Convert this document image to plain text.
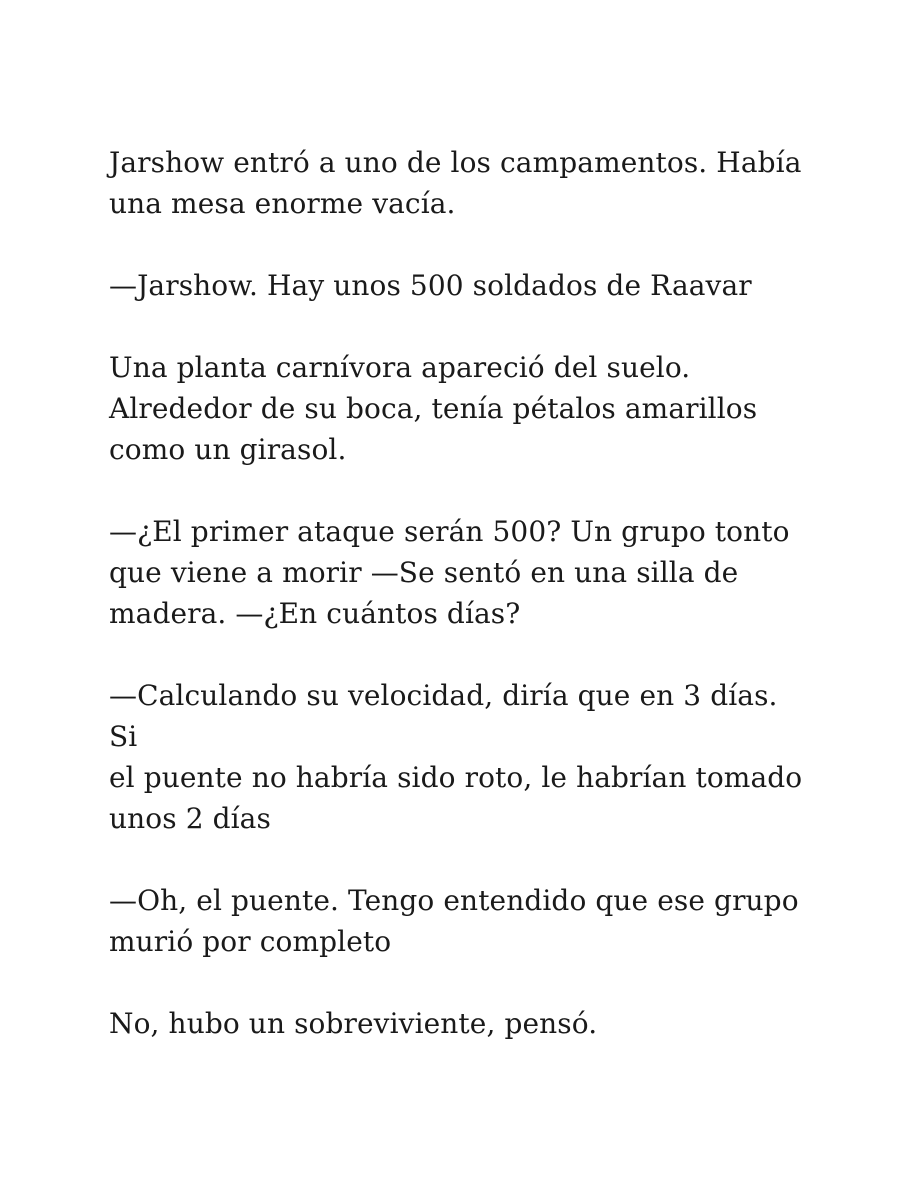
Jarshow entró a uno de los campamentos. Había
una mesa enorme vacía.

—Jarshow. Hay unos 500 soldados de Raavar

Una planta carnívora apareció del suelo.
Alrededor de su boca, tenía pétalos amarillos
como un girasol.

—¿El primer ataque serán 500? Un grupo tonto
que viene a morir —Se sentó en una silla de
madera. —¿En cuántos días?

—Calculando su velocidad, diría que en 3 días. Si
el puente no habría sido roto, le habrían tomado
unos 2 días

—Oh, el puente. Tengo entendido que ese grupo
murió por completo

No, hubo un sobreviviente, pensó.
